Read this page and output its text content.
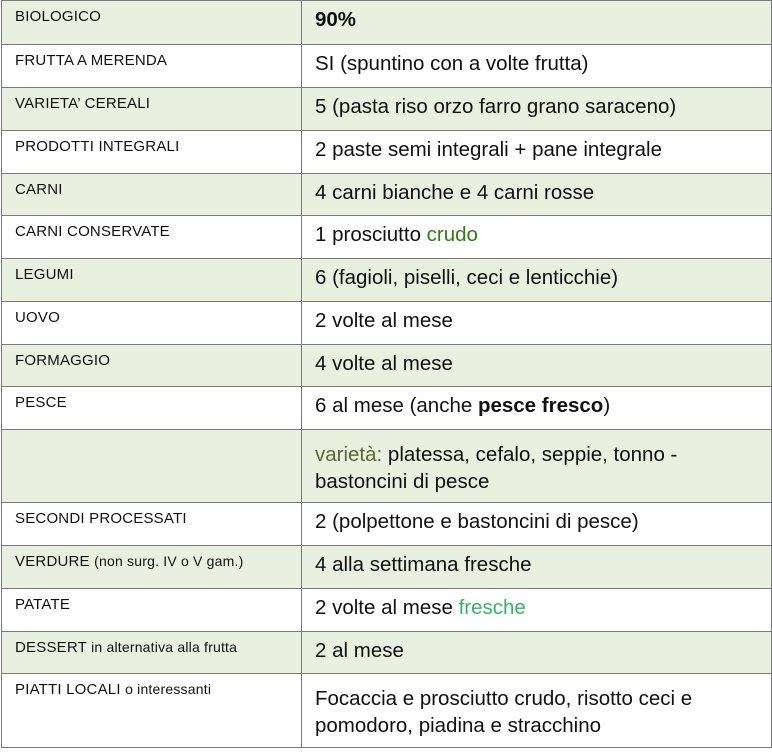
BIOLOGICO	90%
FRUTTA A MERENDA	SI (spuntino con a volte frutta)
VARIETA’ CEREALI	5 (pasta riso orzo farro grano saraceno)
PRODOTTI INTEGRALI	2 paste semi integrali + pane integrale
CARNI	4 carni bianche e 4 carni rosse
CARNI CONSERVATE	1 prosciutto crudo
LEGUMI	6 (fagioli, piselli, ceci e lenticchie)
UOVO	2 volte al mese
FORMAGGIO	4 volte al mese
PESCE	6 al mese (anche pesce fresco)
	varietà: platessa, cefalo, seppie, tonno - bastoncini di pesce
SECONDI PROCESSATI	2 (polpettone e bastoncini di pesce)
VERDURE (non surg. IV o V gam.)	4 alla settimana fresche
PATATE	2 volte al mese fresche
DESSERT in alternativa alla frutta	2 al mese
PIATTI LOCALI o interessanti	Focaccia e prosciutto crudo, risotto ceci e pomodoro, piadina e stracchino
